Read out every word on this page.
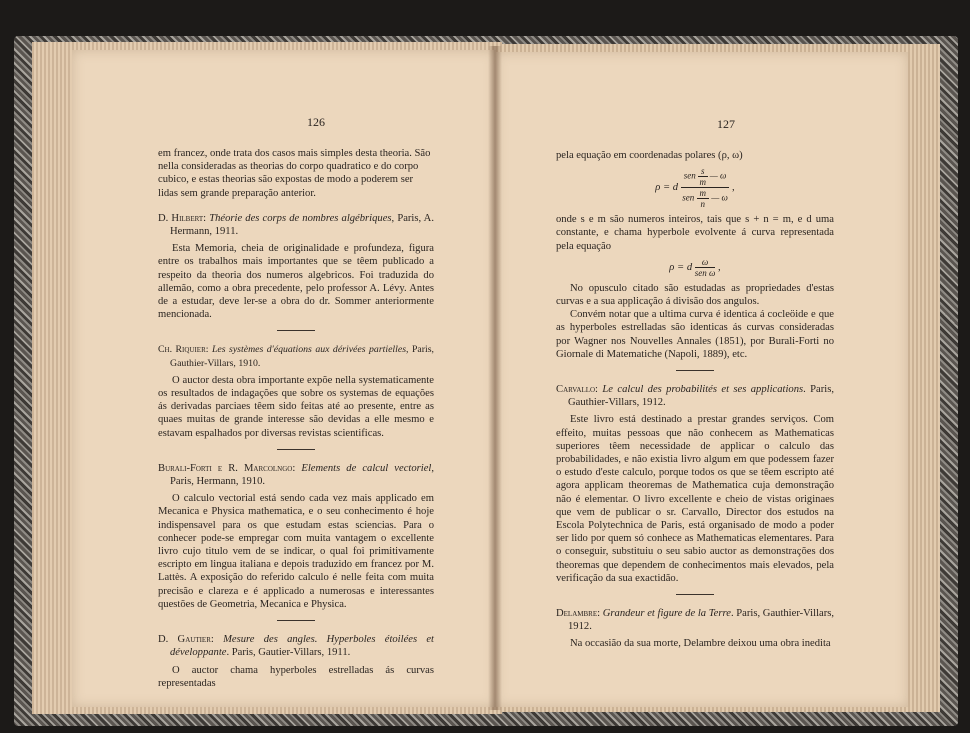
126

em francez, onde trata dos casos mais simples desta theoria. São

nella consideradas as theorias do corpo quadratico e do corpo

cubico, e estas theorias são expostas de modo a poderem ser

lidas sem grande preparação anterior.

D. Hilbert: Théorie des corps de nombres algébriques, Paris, A. Hermann, 1911.

Esta Memoria, cheia de originalidade e profundeza, figura entre os trabalhos mais importantes que se têem publicado a respeito da theoria dos numeros algebricos. Foi traduzida do allemão, como a obra precedente, pelo professor A. Lévy. Antes de a estudar, deve ler-se a obra do dr. Sommer anteriormente mencionada.

Ch. Riquier: Les systèmes d'équations aux dérivées partielles, Paris, Gauthier-Villars, 1910.

O auctor desta obra importante expõe nella systematicamente os resultados de indagações que sobre os systemas de equações ás derivadas parciaes têem sido feitas até ao presente, entre as quaes muitas de grande interesse são devidas a elle mesmo e estavam espalhados por diversas revistas scientificas.

Burali-Forti e R. Marcolngo: Elements de calcul vectoriel, Paris, Hermann, 1910.

O calculo vectorial está sendo cada vez mais applicado em Mecanica e Physica mathematica, e o seu conhecimento é hoje indispensavel para os que estudam estas sciencias. Para o conhecer pode-se empregar com muita vantagem o excellente livro cujo titulo vem de se indicar, o qual foi primitivamente escripto em lingua italiana e depois traduzido em francez por M. Lattès. A exposição do referido calculo é nelle feita com muita precisão e clareza e é applicado a numerosas e interessantes questões de Geometria, Mecanica e Physica.

D. Gautier: Mesure des angles. Hyperboles étoilées et développante. Paris, Gautier-Villars, 1911.

O auctor chama hyperboles estrelladas ás curvas representadas

127

pela equação em coordenadas polares (ρ, ω)

ρ = d
sen $\frac{s}{m}$ — ω
sen $\frac{m}{n}$ — ω
,

onde s e m são numeros inteiros, tais que s + n = m, e d uma constante, e chama hyperbole evolvente á curva representada pela equação

ρ = d $\frac{\omega}{\text{sen ω}}$ ,

No opusculo citado são estudadas as propriedades d'estas curvas e a sua applicação á divisão dos angulos.

Convém notar que a ultima curva é identica á cocleöide e que as hyperboles estrelladas são identicas ás curvas consideradas por Wagner nos Nouvelles Annales (1851), por Burali-Forti no Giornale di Matematiche (Napoli, 1889), etc.

Carvallo: Le calcul des probabilités et ses applications. Paris, Gauthier-Villars, 1912.

Este livro está destinado a prestar grandes serviços. Com effeito, muitas pessoas que não conhecem as Mathematicas superiores têem necessidade de applicar o calculo das probabilidades, e não existia livro algum em que podessem fazer o estudo d'este calculo, porque todos os que se têem escripto até agora applicam theoremas de Mathematica cuja demonstração não é elementar. O livro excellente e cheio de vistas originaes que vem de publicar o sr. Carvallo, Director dos estudos na Escola Polytechnica de Paris, está organisado de modo a poder ser lido por quem só conhece as Mathematicas elementares. Para o conseguir, substituiu o seu sabio auctor as demonstrações dos theoremas que dependem de conhecimentos mais elevados, pela verificação da sua exactidão.

Delambre: Grandeur et figure de la Terre. Paris, Gauthier-Villars, 1912.

Na occasião da sua morte, Delambre deixou uma obra inedita
